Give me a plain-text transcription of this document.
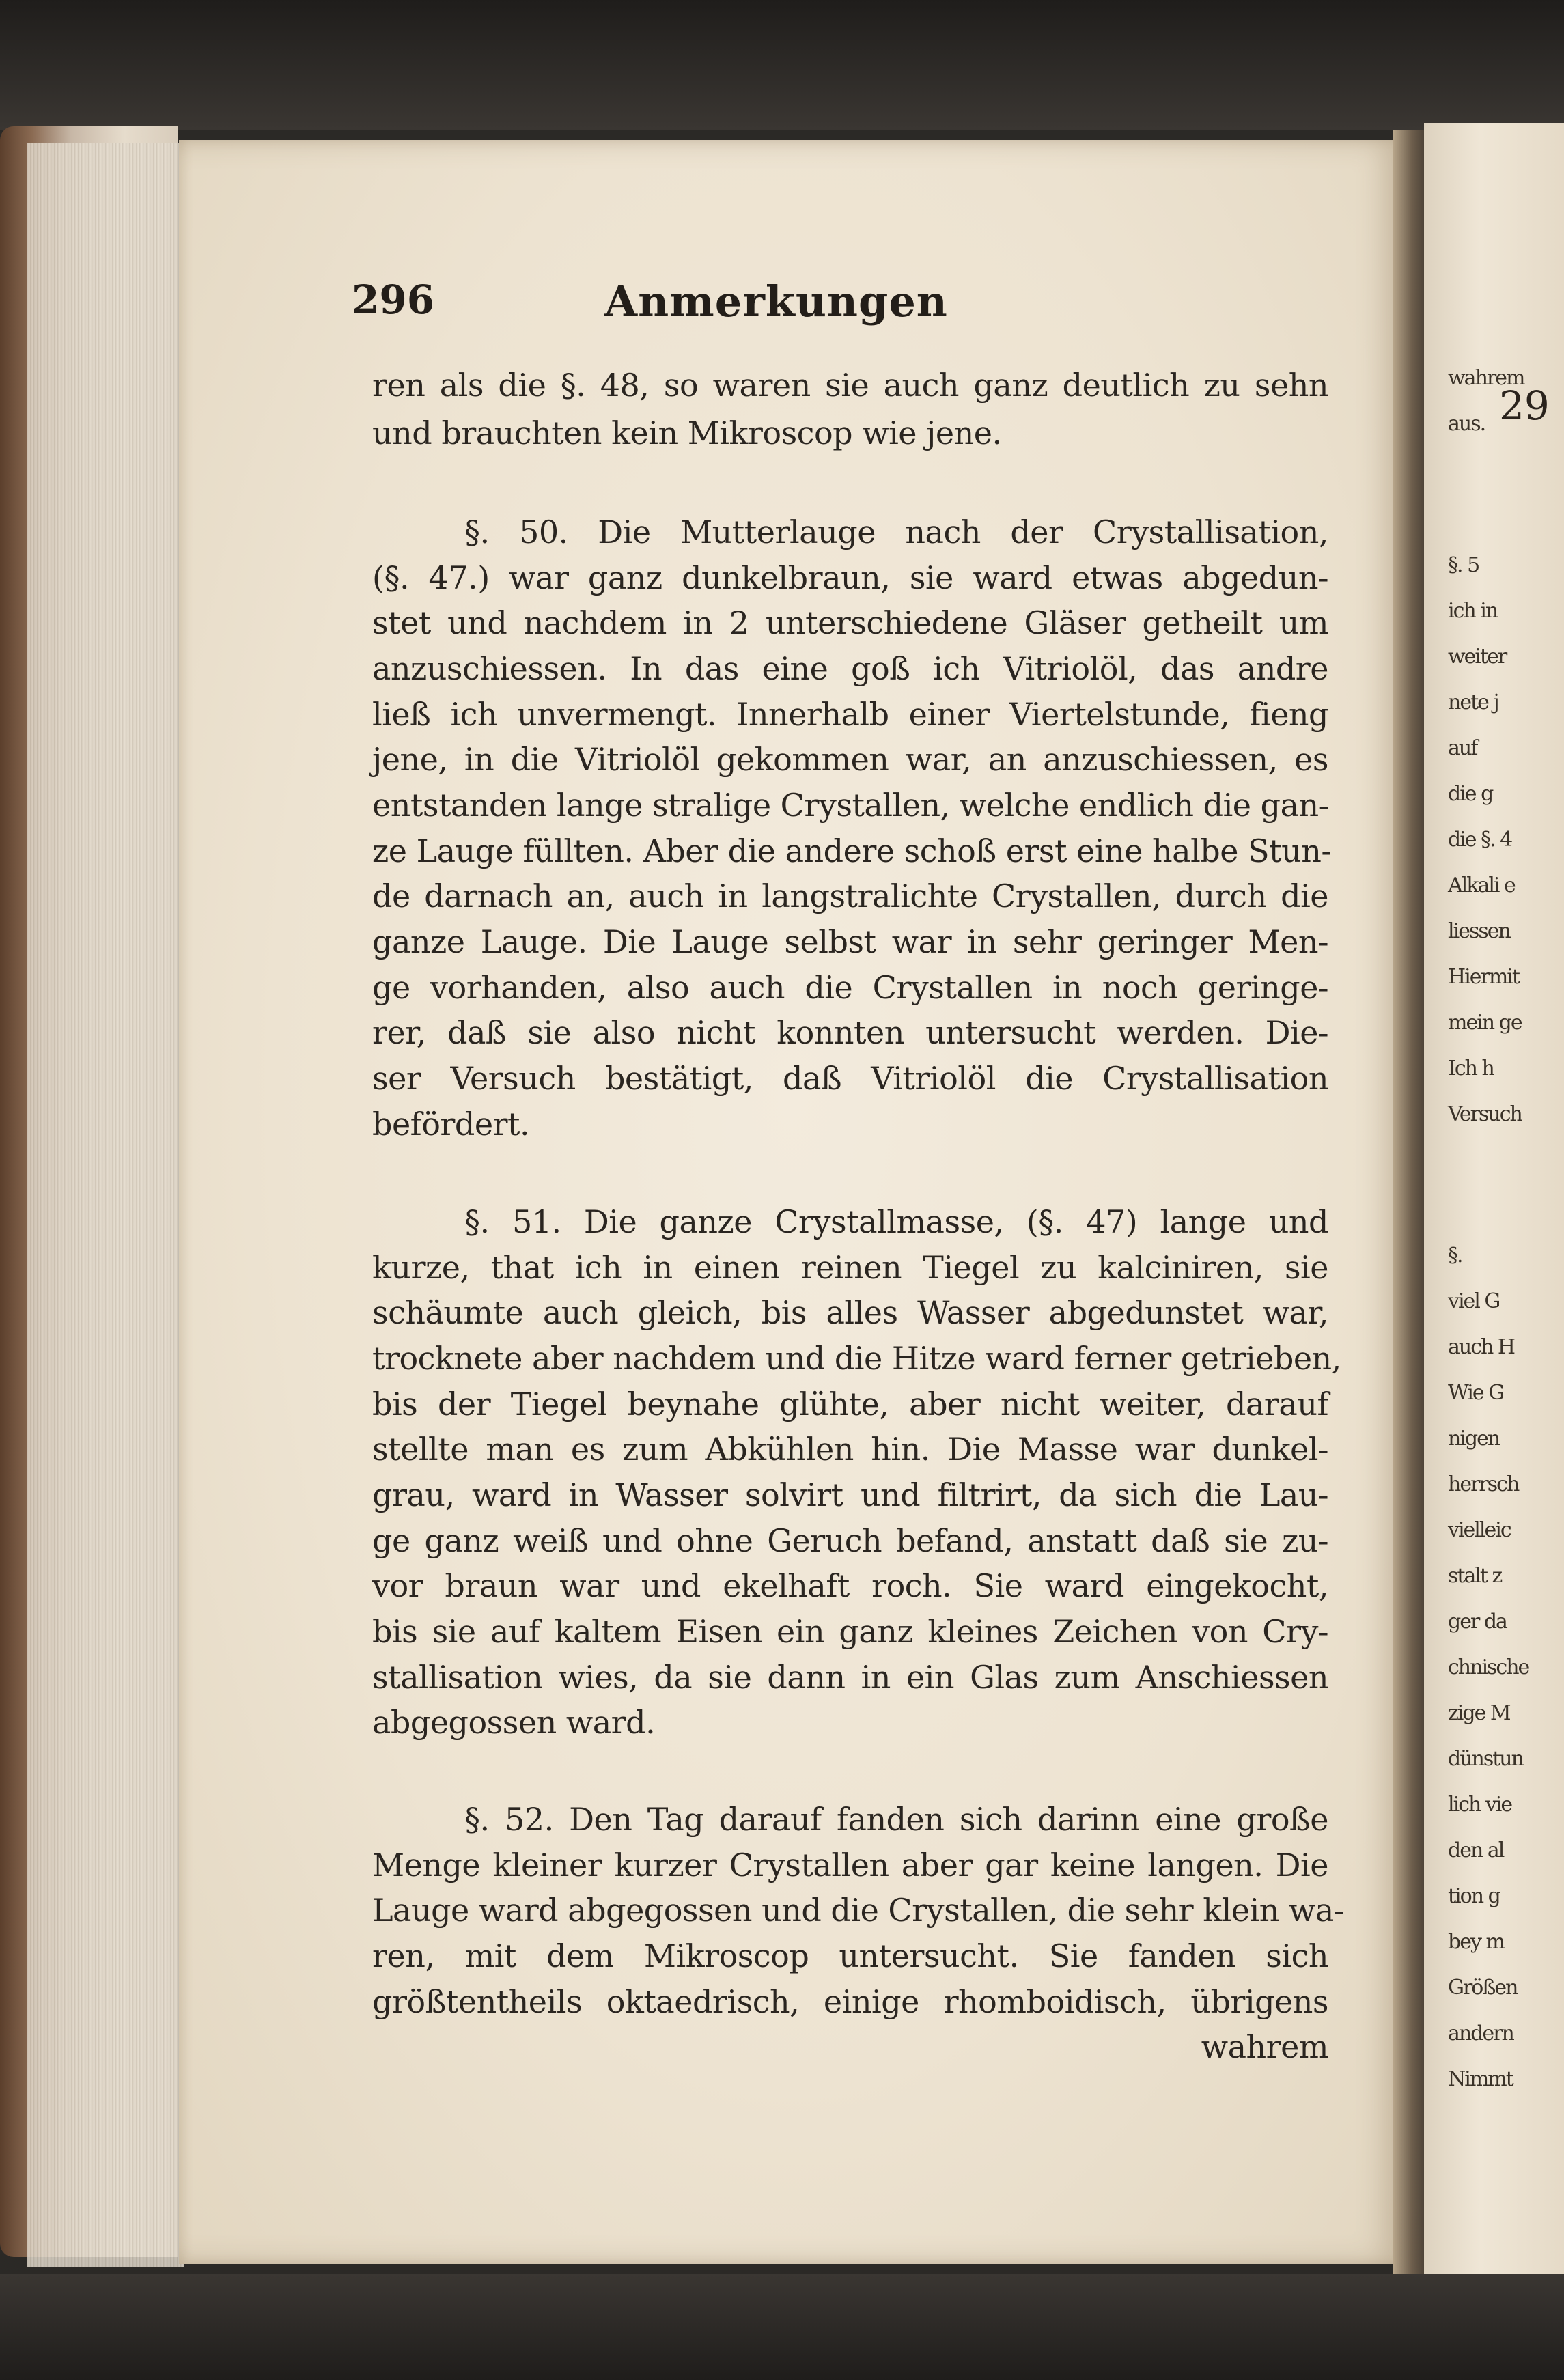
29
wahrem
aus.
§. 5
ich in
weiter
nete j
auf
die g
die §. 4
Alkali e
liessen
Hiermit
mein ge
Ich h
Versuch
§.
viel G
auch H
Wie G
nigen
herrsch
vielleic
stalt z
ger da
chnische
zige M
dünstun
lich vie
den al
tion g
bey m
Größen
andern
Nimmt
296	Anmerkungen
ren als die §. 48, so waren sie auch ganz deutlich zu sehn
und brauchten kein Mikroscop wie jene.
§. 50. Die Mutterlauge nach der Crystallisation,
(§. 47.) war ganz dunkelbraun, sie ward etwas abgedun-
stet und nachdem in 2 unterschiedene Gläser getheilt um
anzuschiessen. In das eine goß ich Vitriolöl, das andre
ließ ich unvermengt. Innerhalb einer Viertelstunde, fieng
jene, in die Vitriolöl gekommen war, an anzuschiessen, es
entstanden lange stralige Crystallen, welche endlich die gan-
ze Lauge füllten. Aber die andere schoß erst eine halbe Stun-
de darnach an, auch in langstralichte Crystallen, durch die
ganze Lauge. Die Lauge selbst war in sehr geringer Men-
ge vorhanden, also auch die Crystallen in noch geringe-
rer, daß sie also nicht konnten untersucht werden. Die-
ser Versuch bestätigt, daß Vitriolöl die Crystallisation
befördert.
§. 51. Die ganze Crystallmasse, (§. 47) lange und
kurze, that ich in einen reinen Tiegel zu kalciniren, sie
schäumte auch gleich, bis alles Wasser abgedunstet war,
trocknete aber nachdem und die Hitze ward ferner getrieben,
bis der Tiegel beynahe glühte, aber nicht weiter, darauf
stellte man es zum Abkühlen hin. Die Masse war dunkel-
grau, ward in Wasser solvirt und filtrirt, da sich die Lau-
ge ganz weiß und ohne Geruch befand, anstatt daß sie zu-
vor braun war und ekelhaft roch. Sie ward eingekocht,
bis sie auf kaltem Eisen ein ganz kleines Zeichen von Cry-
stallisation wies, da sie dann in ein Glas zum Anschiessen
abgegossen ward.
§. 52. Den Tag darauf fanden sich darinn eine große
Menge kleiner kurzer Crystallen aber gar keine langen. Die
Lauge ward abgegossen und die Crystallen, die sehr klein wa-
ren, mit dem Mikroscop untersucht. Sie fanden sich
größtentheils oktaedrisch, einige rhomboidisch, übrigens
wahrem
